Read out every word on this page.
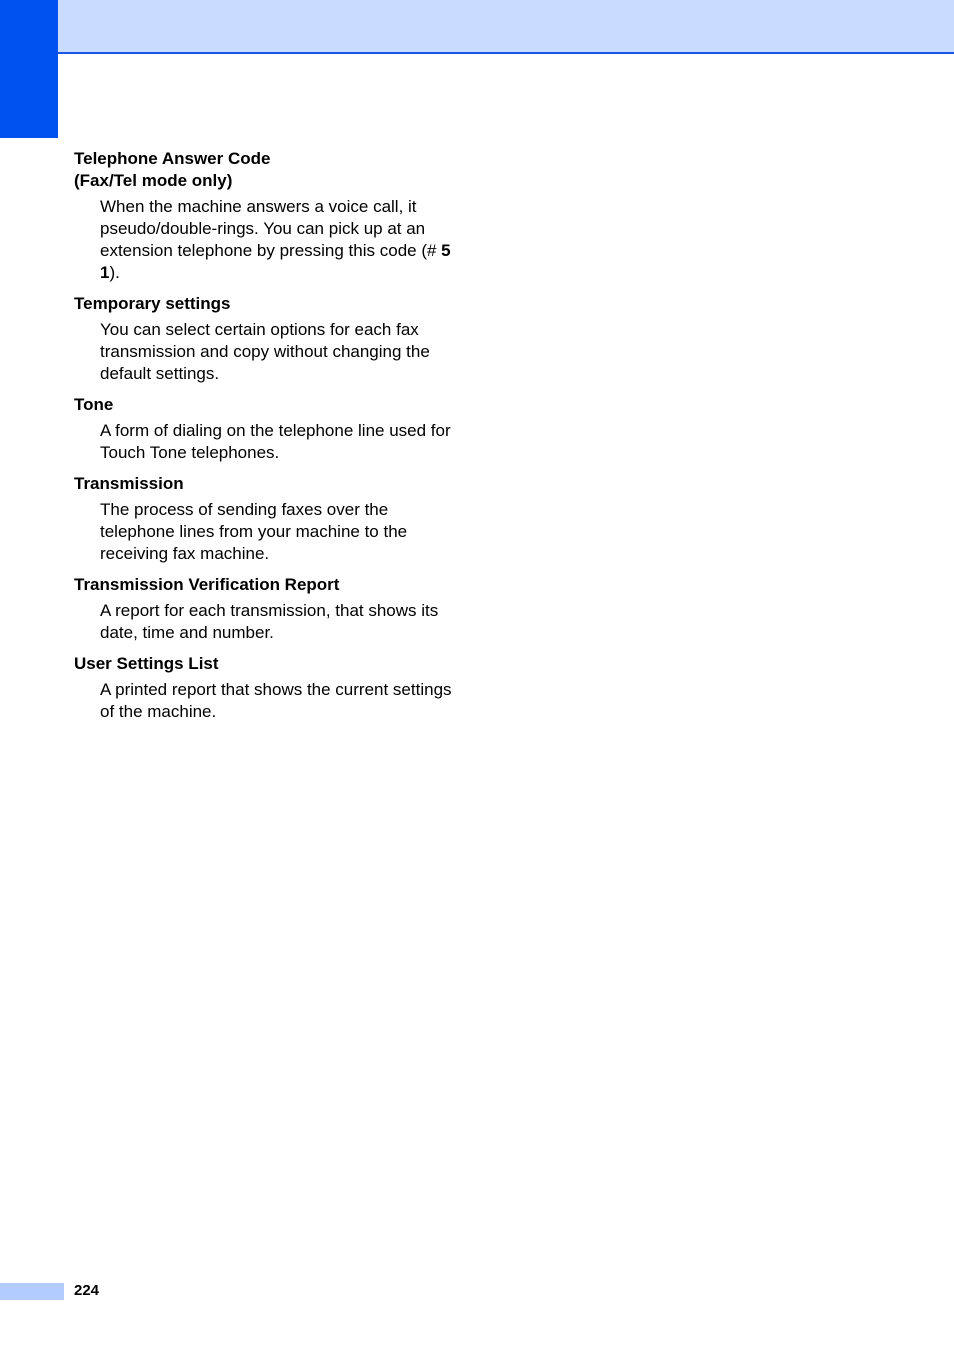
Telephone Answer Code
(Fax/Tel mode only)
When the machine answers a voice call, it pseudo/double-rings. You can pick up at an extension telephone by pressing this code (# 5 1).
Temporary settings
You can select certain options for each fax transmission and copy without changing the default settings.
Tone
A form of dialing on the telephone line used for Touch Tone telephones.
Transmission
The process of sending faxes over the telephone lines from your machine to the receiving fax machine.
Transmission Verification Report
A report for each transmission, that shows its date, time and number.
User Settings List
A printed report that shows the current settings of the machine.
224
